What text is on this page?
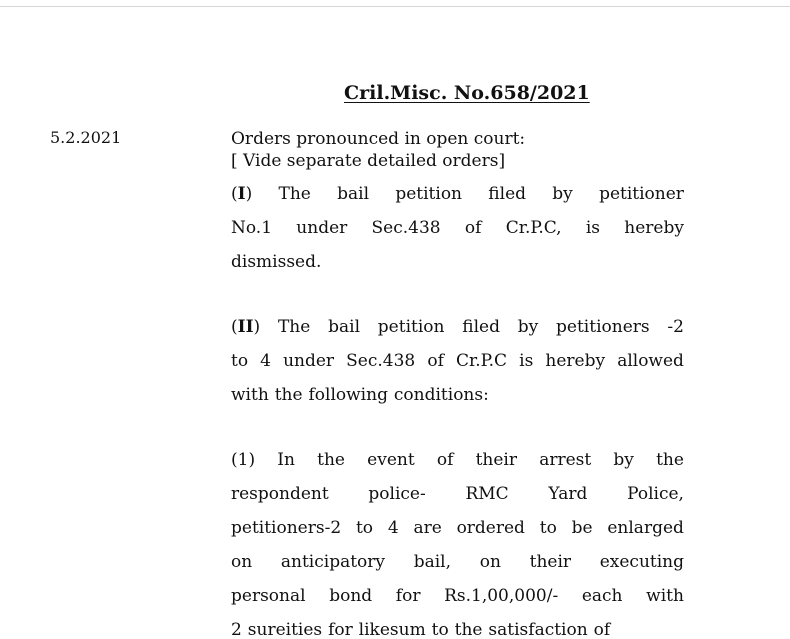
Cril.Misc. No.658/2021
5.2.2021	Orders pronounced in open court:
[ Vide separate detailed orders]
(I) The bail petition filed by petitioner
No.1 under Sec.438 of Cr.P.C, is hereby
dismissed.
(II) The bail petition filed by petitioners -2
to 4 under Sec.438 of Cr.P.C is hereby allowed
with the following conditions:
(1) In the event of their arrest by the
respondent police- RMC Yard Police,
petitioners-2 to 4 are ordered to be enlarged
on anticipatory bail, on their executing
personal bond for Rs.1,00,000/- each with
2 sureities for likesum to the satisfaction of
